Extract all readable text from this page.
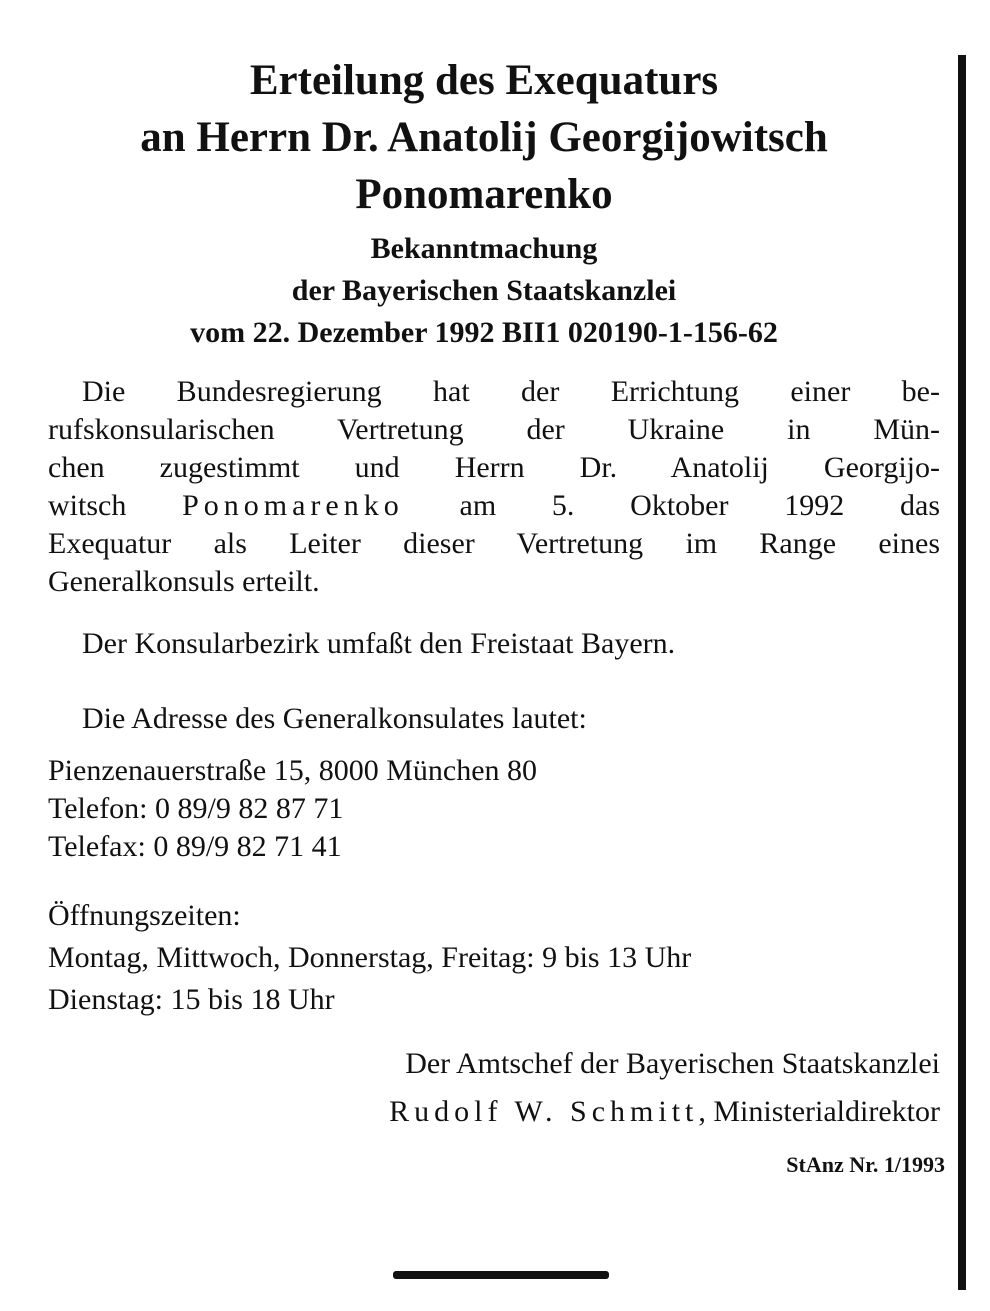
Erteilung des Exequaturs
an Herrn Dr. Anatolij Georgijowitsch
Ponomarenko
Bekanntmachung
der Bayerischen Staatskanzlei
vom 22. Dezember 1992 BII1 020190-1-156-62
Die Bundesregierung hat der Errichtung einer be-
rufskonsularischen Vertretung der Ukraine in Mün-
chen zugestimmt und Herrn Dr. Anatolij Georgijo-
witsch Ponomarenko am 5. Oktober 1992 das
Exequatur als Leiter dieser Vertretung im Range eines
Generalkonsuls erteilt.
Der Konsularbezirk umfaßt den Freistaat Bayern.
Die Adresse des Generalkonsulates lautet:
Pienzenauerstraße 15, 8000 München 80
Telefon: 0 89/9 82 87 71
Telefax: 0 89/9 82 71 41
Öffnungszeiten:
Montag, Mittwoch, Donnerstag, Freitag: 9 bis 13 Uhr
Dienstag: 15 bis 18 Uhr
Der Amtschef der Bayerischen Staatskanzlei
Rudolf W. Schmitt, Ministerialdirektor
StAnz Nr. 1/1993
